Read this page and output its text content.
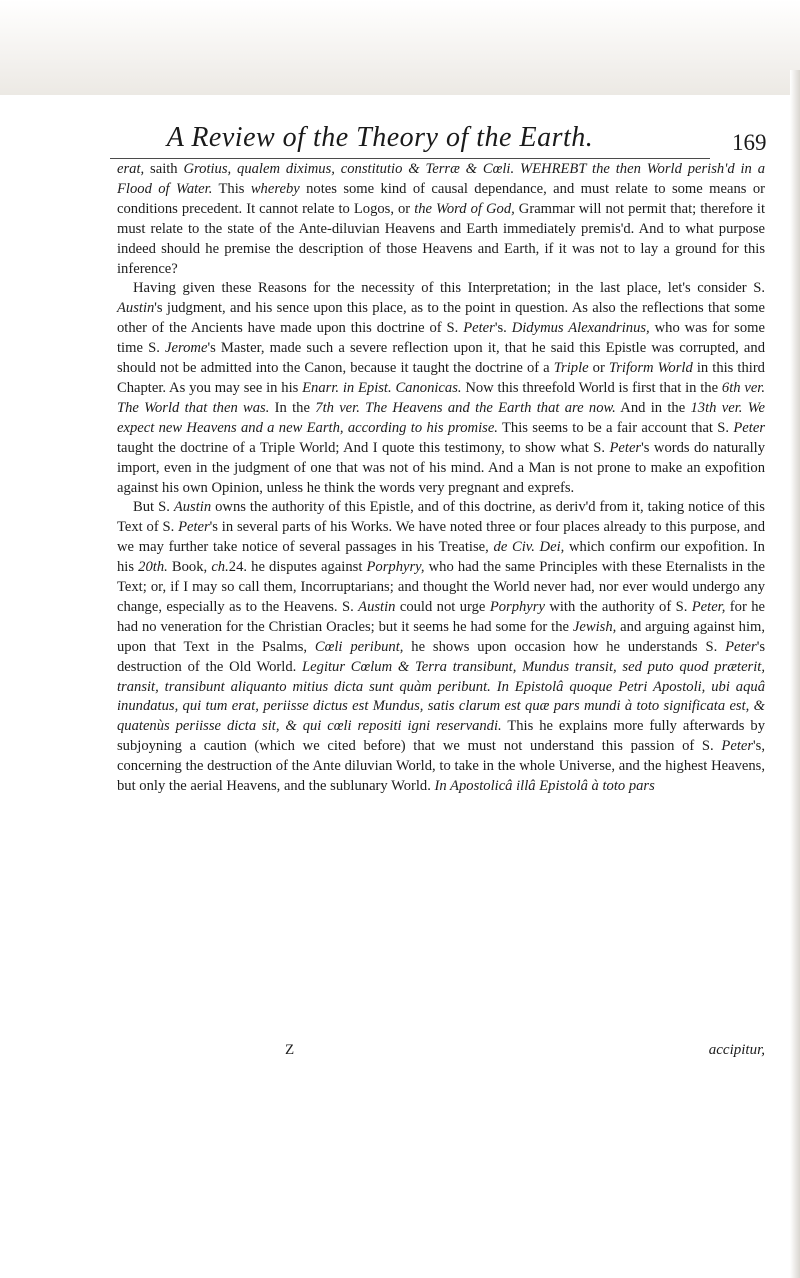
A Review of the Theory of the Earth.	169

erat, saith Grotius, qualem diximus, constitutio & Terræ & Cœli. WEHREBT the then World perish'd in a Flood of Water. This whereby notes some kind of causal dependance, and must relate to some means or conditions precedent. It cannot relate to Logos, or the Word of God, Grammar will not permit that; therefore it must relate to the state of the Ante-diluvian Heavens and Earth immediately premis'd. And to what purpose indeed should he premise the description of those Heavens and Earth, if it was not to lay a ground for this inference?

Having given these Reasons for the necessity of this Interpretation; in the last place, let's consider S. Austin's judgment, and his sence upon this place, as to the point in question. As also the reflections that some other of the Ancients have made upon this doctrine of S. Peter's. Didymus Alexandrinus, who was for some time S. Jerome's Master, made such a severe reflection upon it, that he said this Epistle was corrupted, and should not be admitted into the Canon, because it taught the doctrine of a Triple or Triform World in this third Chapter. As you may see in his Enarr. in Epist. Canonicas. Now this threefold World is first that in the 6th ver. The World that then was. In the 7th ver. The Heavens and the Earth that are now. And in the 13th ver. We expect new Heavens and a new Earth, according to his promise. This seems to be a fair account that S. Peter taught the doctrine of a Triple World; And I quote this testimony, to show what S. Peter's words do naturally import, even in the judgment of one that was not of his mind. And a Man is not prone to make an expofition against his own Opinion, unless he think the words very pregnant and exprefs.

But S. Austin owns the authority of this Epistle, and of this doctrine, as deriv'd from it, taking notice of this Text of S. Peter's in several parts of his Works. We have noted three or four places already to this purpose, and we may further take notice of several passages in his Treatise, de Civ. Dei, which confirm our expofition. In his 20th. Book, ch.24. he disputes against Porphyry, who had the same Principles with these Eternalists in the Text; or, if I may so call them, Incorruptarians; and thought the World never had, nor ever would undergo any change, especially as to the Heavens. S. Austin could not urge Porphyry with the authority of S. Peter, for he had no veneration for the Christian Oracles; but it seems he had some for the Jewish, and arguing against him, upon that Text in the Psalms, Cœli peribunt, he shows upon occasion how he understands S. Peter's destruction of the Old World. Legitur Cœlum & Terra transibunt, Mundus transit, sed puto quod præterit, transit, transibunt aliquanto mitius dicta sunt quàm peribunt. In Epistolâ quoque Petri Apostoli, ubi aquâ inundatus, qui tum erat, periisse dictus est Mundus, satis clarum est quæ pars mundi à toto significata est, & quatenùs periisse dicta sit, & qui cœli repositi igni reservandi. This he explains more fully afterwards by subjoyning a caution (which we cited before) that we must not understand this passion of S. Peter's, concerning the destruction of the Ante diluvian World, to take in the whole Universe, and the highest Heavens, but only the aerial Heavens, and the sublunary World. In Apostolicâ illâ Epistolâ à toto pars

Z	accipitur,
